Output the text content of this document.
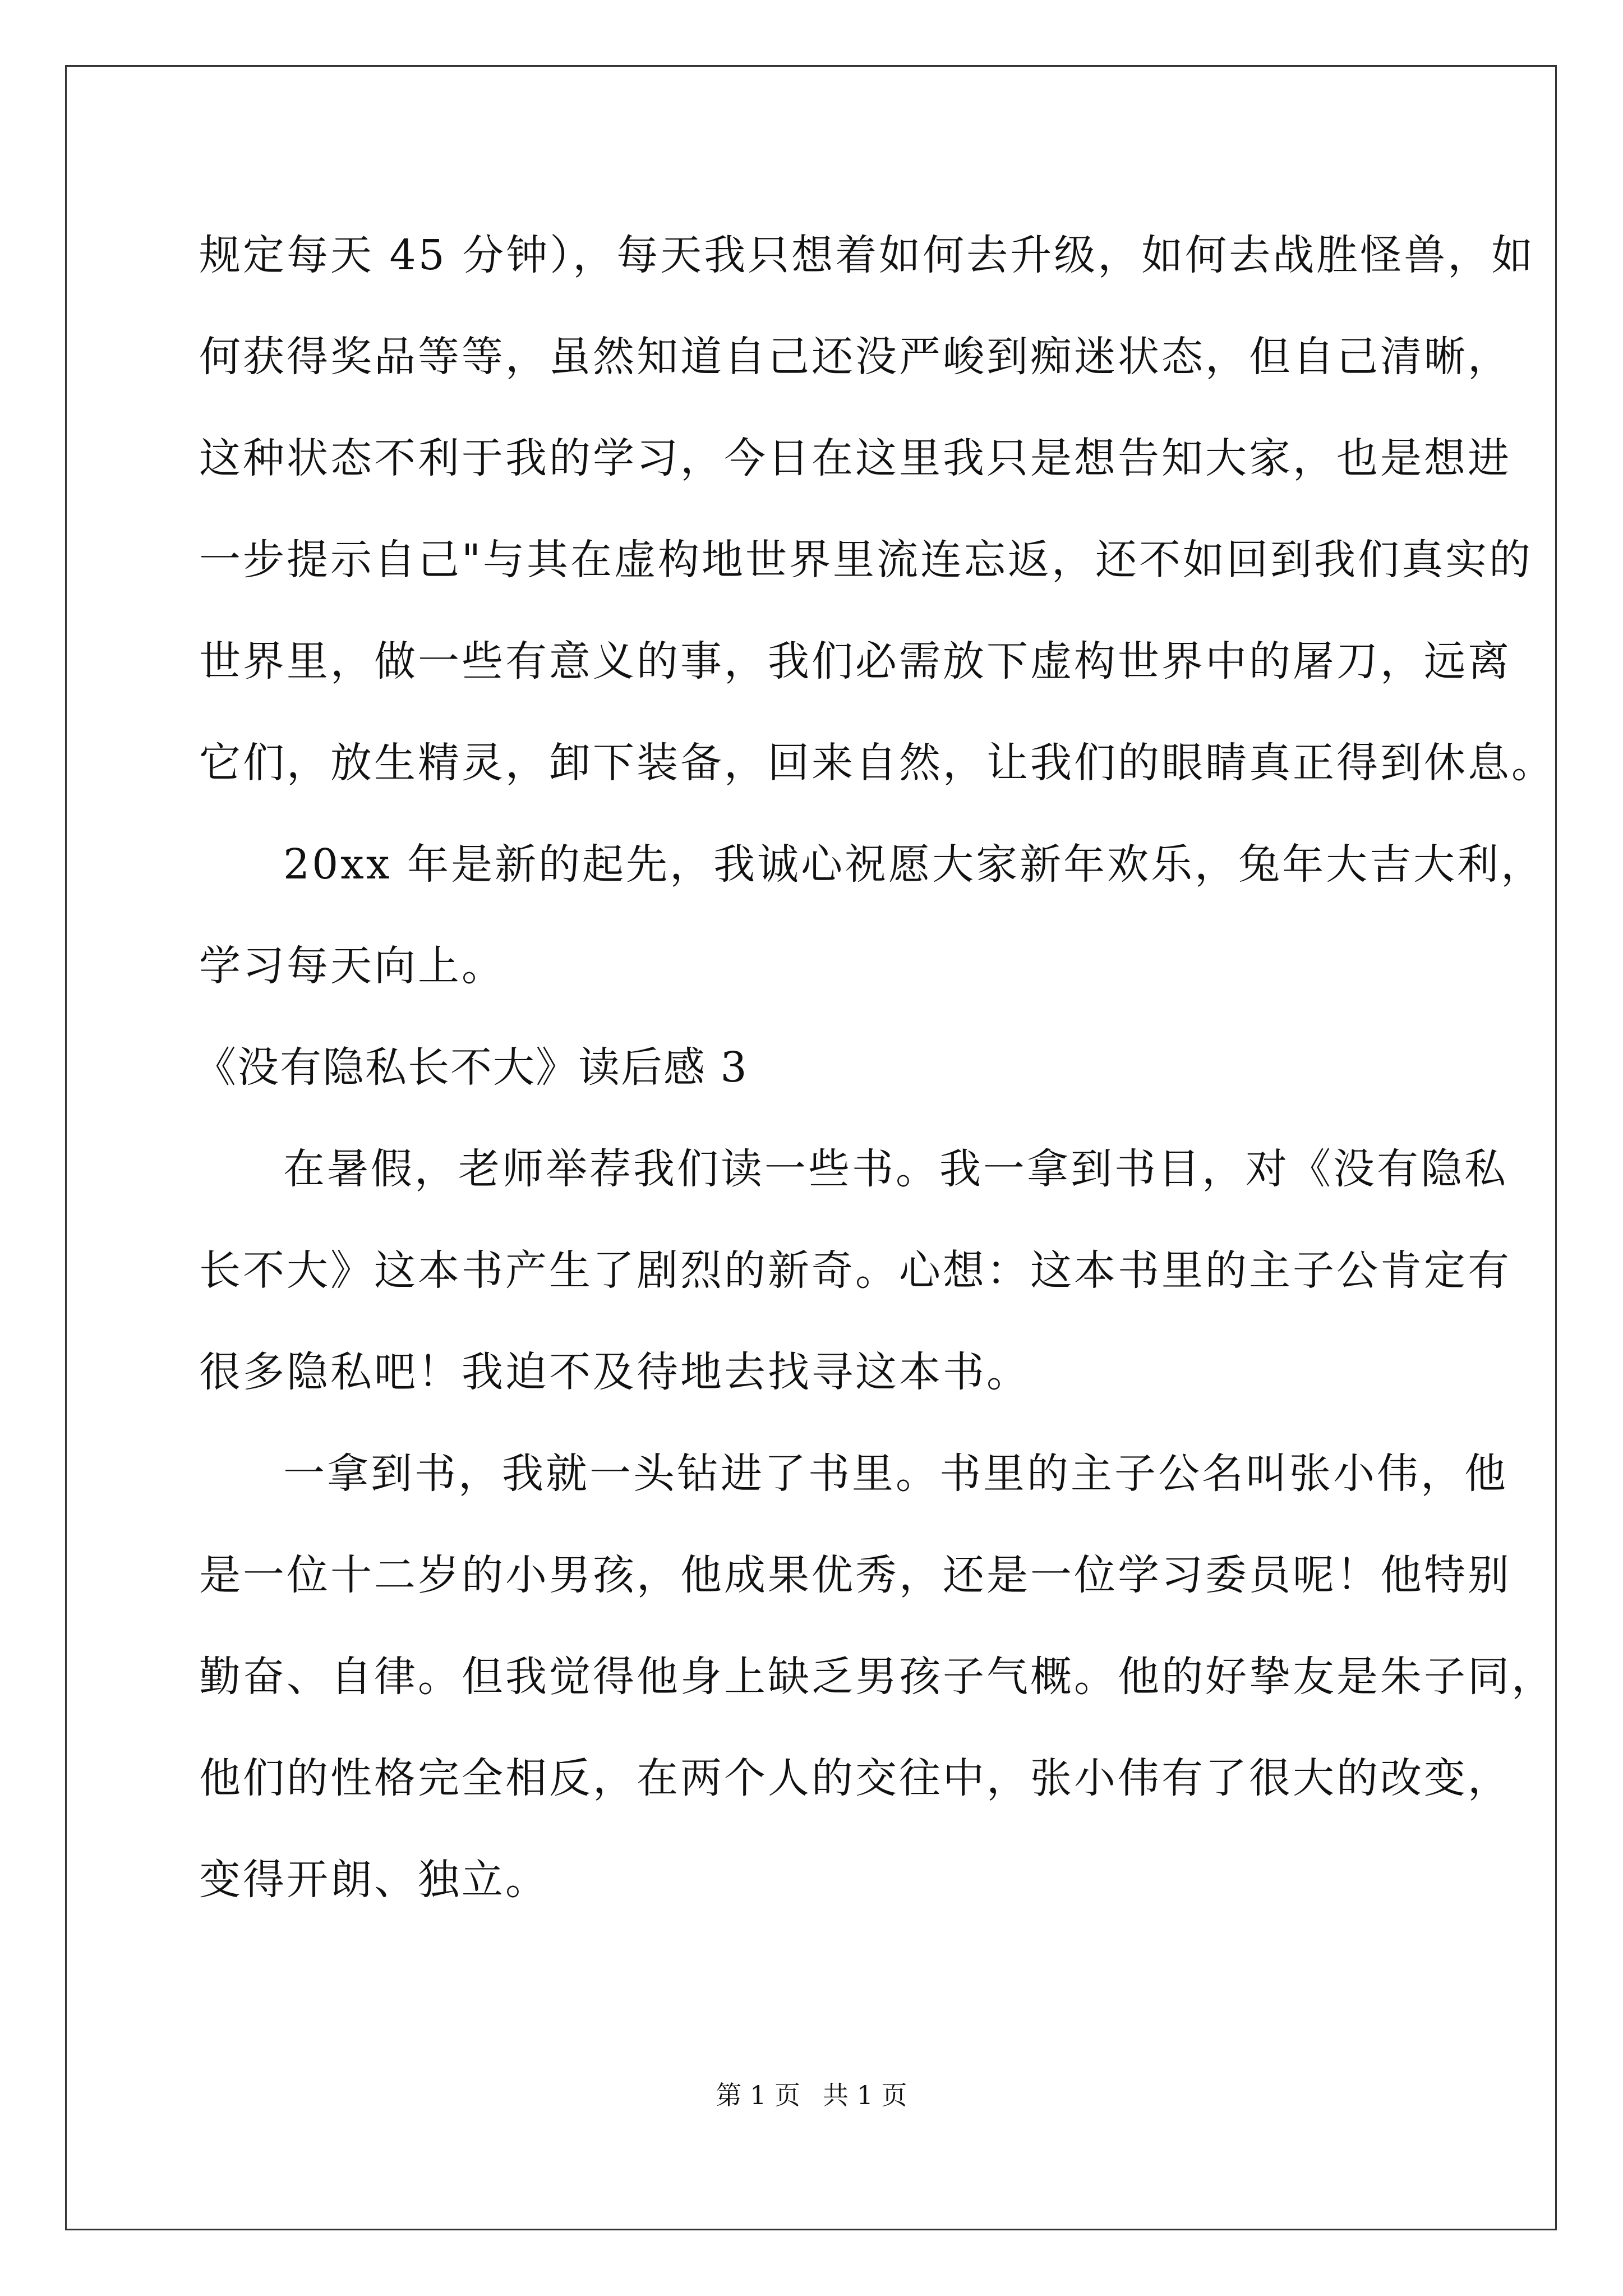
规定每天 45 分钟），每天我只想着如何去升级，如何去战胜怪兽，如
何获得奖品等等，虽然知道自己还没严峻到痴迷状态，但自己清晰，
这种状态不利于我的学习，今日在这里我只是想告知大家，也是想进
一步提示自己"与其在虚构地世界里流连忘返，还不如回到我们真实的
世界里，做一些有意义的事，我们必需放下虚构世界中的屠刀，远离
它们，放生精灵，卸下装备，回来自然，让我们的眼睛真正得到休息。
20xx 年是新的起先，我诚心祝愿大家新年欢乐，兔年大吉大利，
学习每天向上。
《没有隐私长不大》读后感 3
在暑假，老师举荐我们读一些书。我一拿到书目，对《没有隐私
长不大》这本书产生了剧烈的新奇。心想：这本书里的主子公肯定有
很多隐私吧！我迫不及待地去找寻这本书。
一拿到书，我就一头钻进了书里。书里的主子公名叫张小伟，他
是一位十二岁的小男孩，他成果优秀，还是一位学习委员呢！他特别
勤奋、自律。但我觉得他身上缺乏男孩子气概。他的好挚友是朱子同，
他们的性格完全相反，在两个人的交往中，张小伟有了很大的改变，
变得开朗、独立。
第 1 页 共 1 页
